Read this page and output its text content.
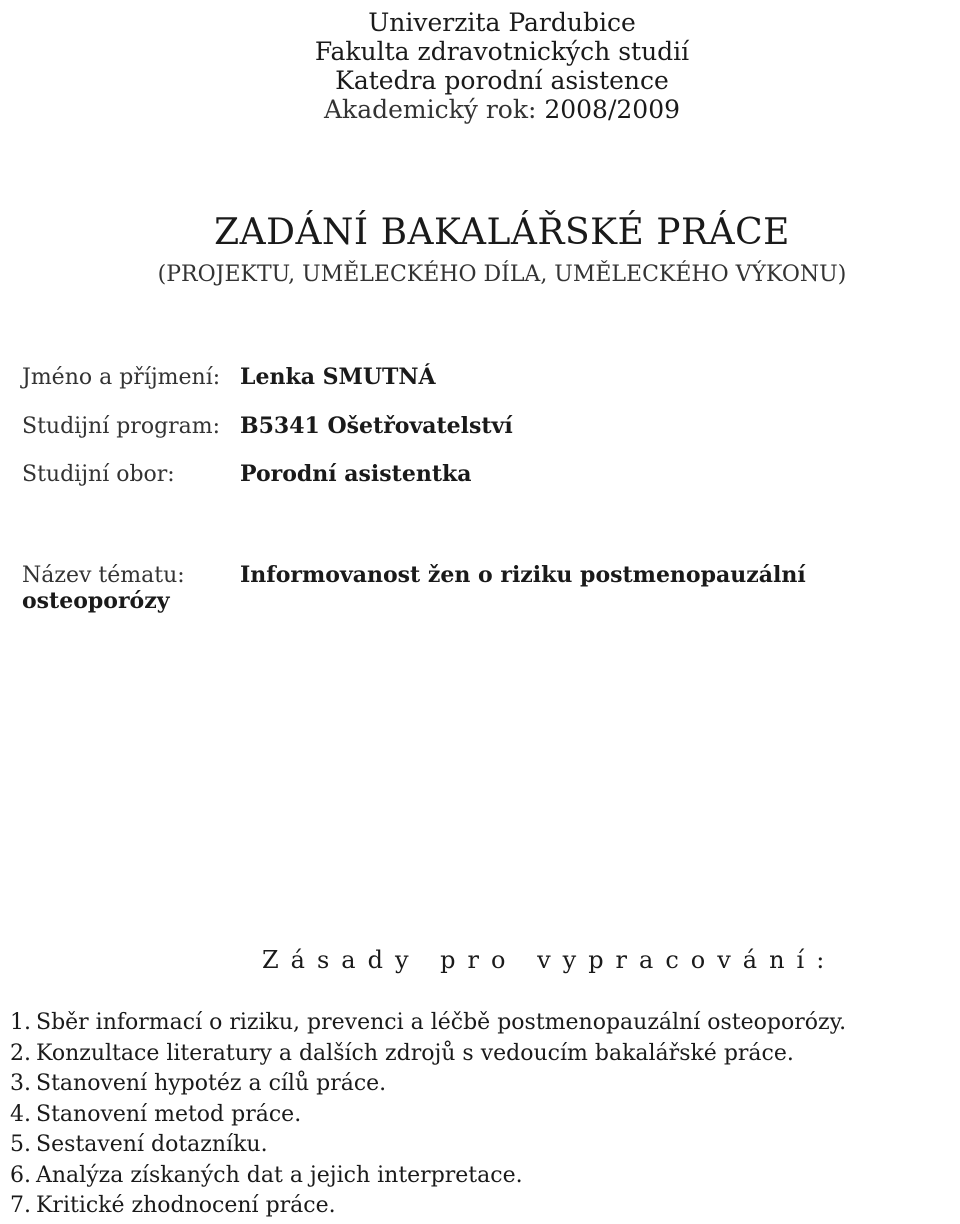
Univerzita Pardubice
Fakulta zdravotnických studií
Katedra porodní asistence
Akademický rok: 2008/2009
ZADÁNÍ BAKALÁŘSKÉ PRÁCE
(PROJEKTU, UMĚLECKÉHO DÍLA, UMĚLECKÉHO VÝKONU)
Jméno a příjmení: Lenka SMUTNÁ
Studijní program: B5341 Ošetřovatelství
Studijní obor:	Porodní asistentka
Název tématu:	Informovanost žen o riziku postmenopauzální osteoporózy
Zásady pro vypracování:
1. Sběr informací o riziku, prevenci a léčbě postmenopauzální osteoporózy.
2. Konzultace literatury a dalších zdrojů s vedoucím bakalářské práce.
3. Stanovení hypotéz a cílů práce.
4. Stanovení metod práce.
5. Sestavení dotazníku.
6. Analýza získaných dat a jejich interpretace.
7. Kritické zhodnocení práce.
